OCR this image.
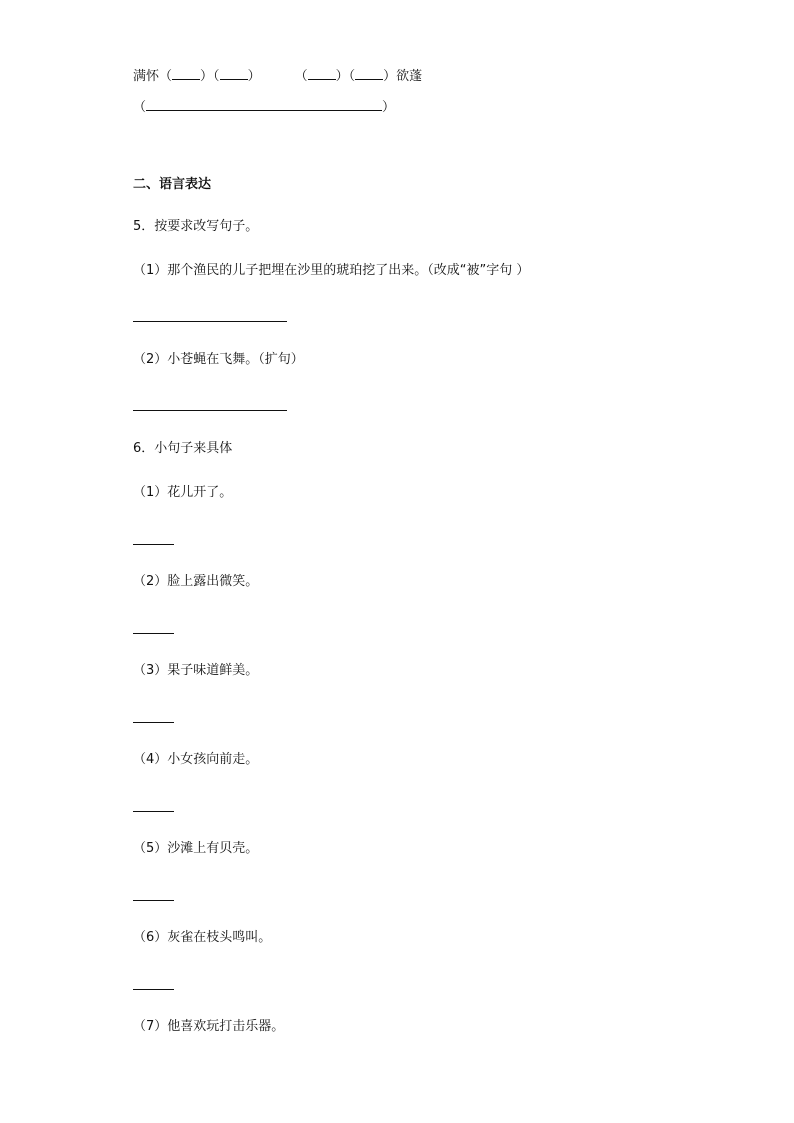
满怀（ ）（ ）	（ ）（ ）欲蓬
（	）
二、语言表达
5．按要求改写句子。
（1）那个渔民的儿子把埋在沙里的琥珀挖了出来。（改成“被”字句 ）
（2）小苍蝇在飞舞。（扩句）
6．小句子来具体
（1）花儿开了。
（2）脸上露出微笑。
（3）果子味道鲜美。
（4）小女孩向前走。
（5）沙滩上有贝壳。
（6）灰雀在枝头鸣叫。
（7）他喜欢玩打击乐器。
